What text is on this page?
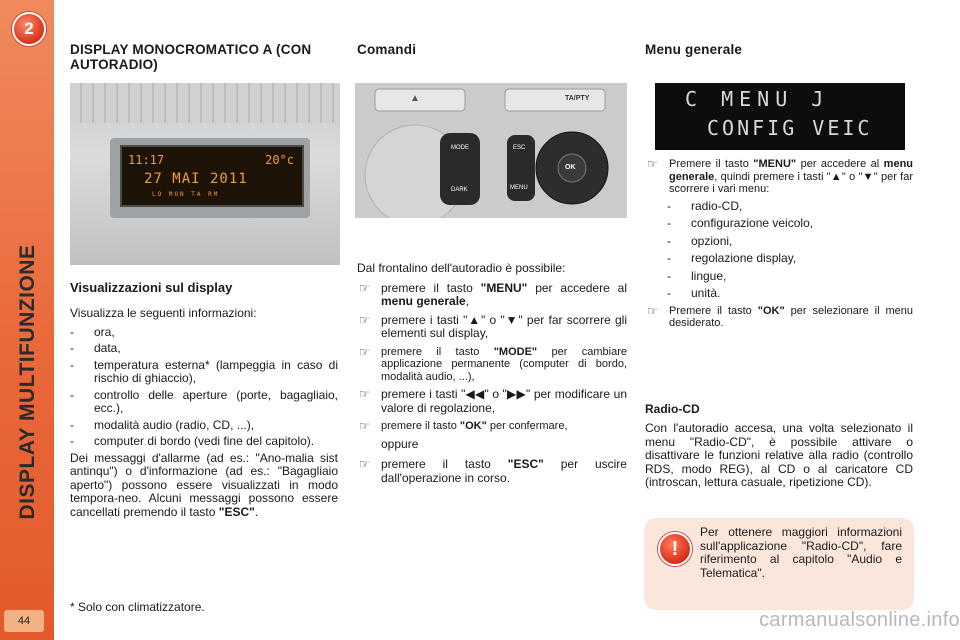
2
DISPLAY MULTIFUNZIONE
44
DISPLAY MONOCROMATICO A (CON AUTORADIO)
11:17	20°c
27 MAI 2011
LO MON TA RM
Visualizzazioni sul display

Visualizza le seguenti informazioni:

- ora,
- data,
- temperatura esterna* (lampeggia in caso di rischio di ghiaccio),
- controllo delle aperture (porte, bagagliaio, ecc.),
- modalità audio (radio, CD, ...),
- computer di bordo (vedi fine del capitolo).

Dei messaggi d'allarme (ad es.: "Ano-malia sist antinqu") o d'informazione (ad es.: "Bagagliaio aperto") possono essere visualizzati in modo tempora-neo. Alcuni messaggi possono essere cancellati premendo il tasto "ESC".

* Solo con climatizzatore.

Comandi
▲	TA/PTY
MODE
DARK
ESC
MENU
OK

Dal frontalino dell'autoradio è possibile:

☞ premere il tasto "MENU" per accedere al menu generale,
☞ premere i tasti "▲" o "▼" per far scorrere gli elementi sul display,
☞ premere il tasto "MODE" per cambiare applicazione permanente (computer di bordo, modalità audio, ...),
☞ premere i tasti "◀◀" o "▶▶" per modificare un valore di regolazione,
☞ premere il tasto "OK" per confermare,

oppure

☞ premere il tasto "ESC" per uscire dall'operazione in corso.
Menu generale
C MENU J
CONFIG VEIC
☞ Premere il tasto "MENU" per accedere al menu generale, quindi premere i tasti "▲" o "▼" per far scorrere i vari menu:
- radio-CD,
- configurazione veicolo,
- opzioni,
- regolazione display,
- lingue,
- unità.
☞ Premere il tasto "OK" per selezionare il menu desiderato.
Radio-CD

Con l'autoradio accesa, una volta selezionato il menu "Radio-CD", è possibile attivare o disattivare le funzioni relative alla radio (controllo RDS, modo REG), al CD o al caricatore CD (introscan, lettura casuale, ripetizione CD).

!
Per ottenere maggiori informazioni sull'applicazione "Radio-CD", fare riferimento al capitolo "Audio e Telematica".
carmanualsonline.info
